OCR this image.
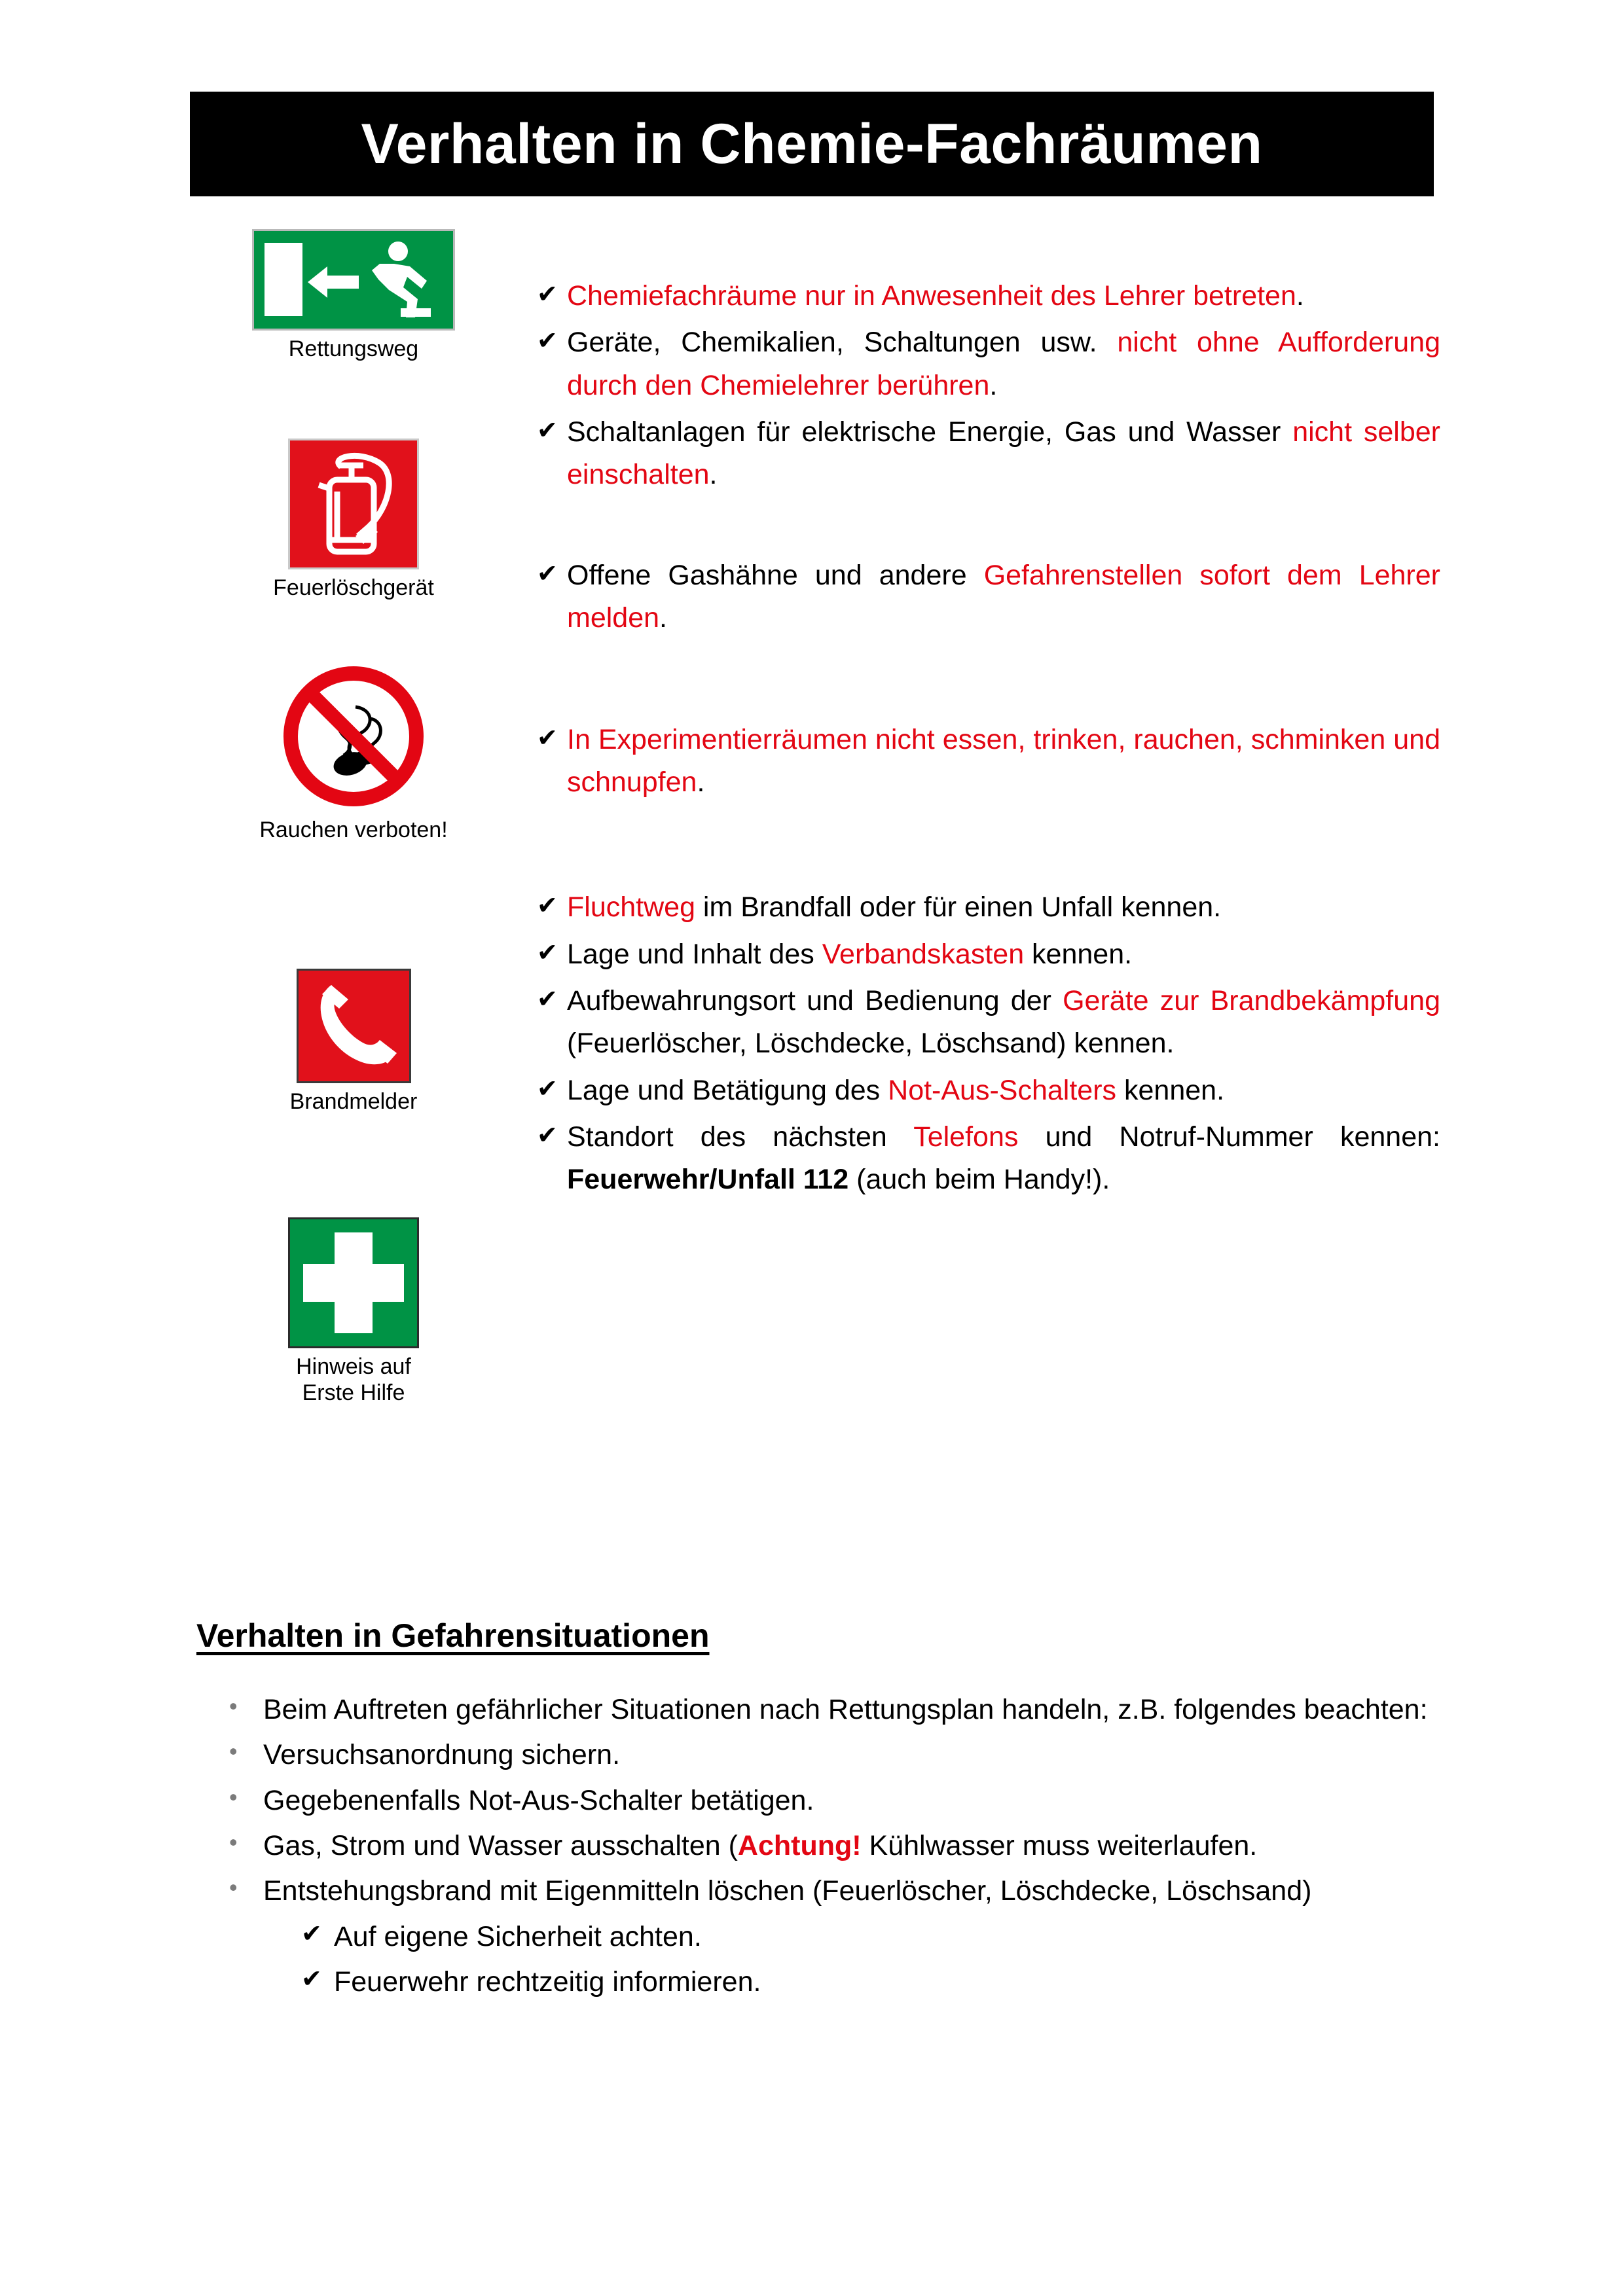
Verhalten in Chemie-Fachräumen
Rettungsweg
Feuerlöschgerät
Rauchen verboten!
Brandmelder
Hinweis auf
Erste Hilfe
✔ Chemiefachräume nur in Anwesenheit des Lehrer betreten.
✔ Geräte, Chemikalien, Schaltungen usw. nicht ohne Aufforderung durch den Chemielehrer berühren.
✔ Schaltanlagen für elektrische Energie, Gas und Wasser nicht selber einschalten.
✔ Offene Gashähne und andere Gefahrenstellen sofort dem Lehrer melden.
✔ In Experimentierräumen nicht essen, trinken, rauchen, schminken und schnupfen.
✔ Fluchtweg im Brandfall oder für einen Unfall kennen.
✔ Lage und Inhalt des Verbandskasten kennen.
✔ Aufbewahrungsort und Bedienung der Geräte zur Brandbekämpfung (Feuerlöscher, Löschdecke, Löschsand) kennen.
✔ Lage und Betätigung des Not-Aus-Schalters kennen.
✔ Standort des nächsten Telefons und Notruf-Nummer kennen: Feuerwehr/Unfall 112 (auch beim Handy!).
Verhalten in Gefahrensituationen
• Beim Auftreten gefährlicher Situationen nach Rettungsplan handeln, z.B. folgendes beachten:
• Versuchsanordnung sichern.
• Gegebenenfalls Not-Aus-Schalter betätigen.
• Gas, Strom und Wasser ausschalten (Achtung! Kühlwasser muss weiterlaufen.
• Entstehungsbrand mit Eigenmitteln löschen (Feuerlöscher, Löschdecke, Löschsand)
✔ Auf eigene Sicherheit achten.
✔ Feuerwehr rechtzeitig informieren.
